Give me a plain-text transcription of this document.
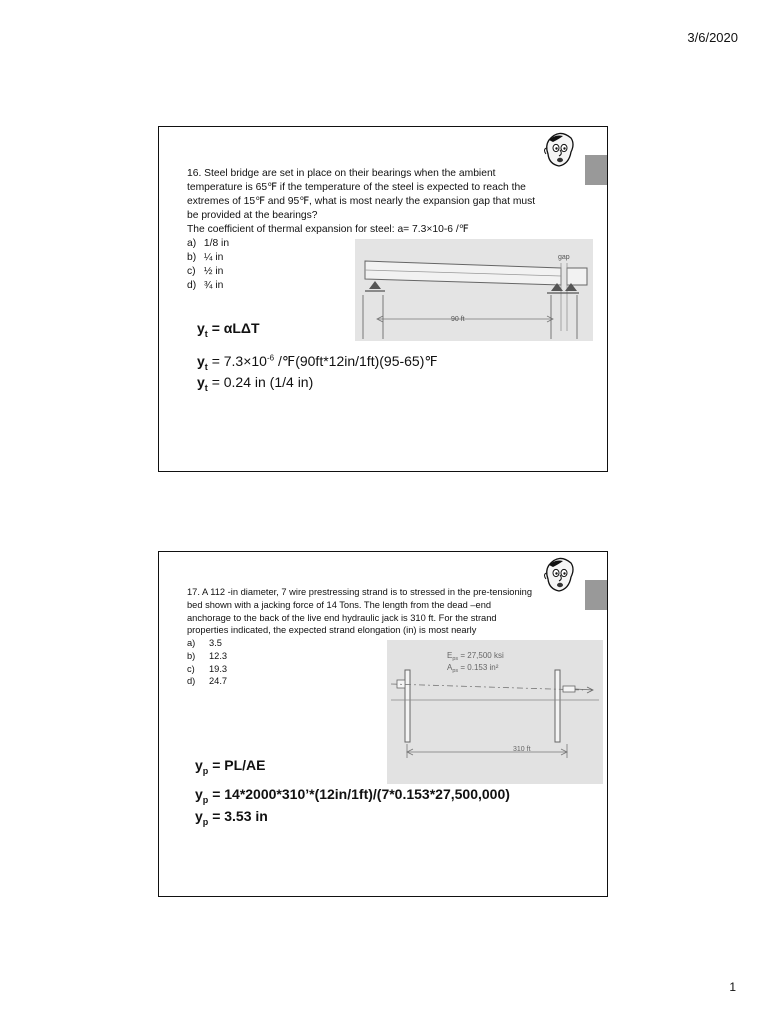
3/6/2020

16. Steel bridge are set in place on their bearings when the ambient

temperature is 65℉ if the temperature of the steel is expected to reach the

extremes of 15℉ and 95℉, what is most nearly the expansion gap that must

be provided at the bearings?

The coefficient of thermal expansion for steel: a= 7.3×10-6 /℉

a) 1/8 in
b) ¼ in
c) ½ in
d) ¾ in
gap
90 ft
$y_t = \alpha L\Delta T$
$y_t = 7.3\times 10^{-6}$ /℉(90ft*12in/1ft)(95-65)℉
$y_t = 0.24$ in (1/4 in)

17. A 112 -in diameter, 7 wire prestressing strand is to stressed in the pre-tensioning

bed shown with a jacking force of 14 Tons. The length from the dead –end

anchorage to the back of the live end hydraulic jack is 310 ft. For the strand

properties indicated, the expected strand elongation (in) is most nearly

a) 3.5
b) 12.3
c) 19.3
d) 24.7
$E_{ps} = 27,500$ ksi
$A_{ps} = 0.153$ in²
310 ft
$y_p = PL/AE$
$y_p$ = 14*2000*310’*(12in/1ft)/(7*0.153*27,500,000)
$y_p = 3.53$ in
1
